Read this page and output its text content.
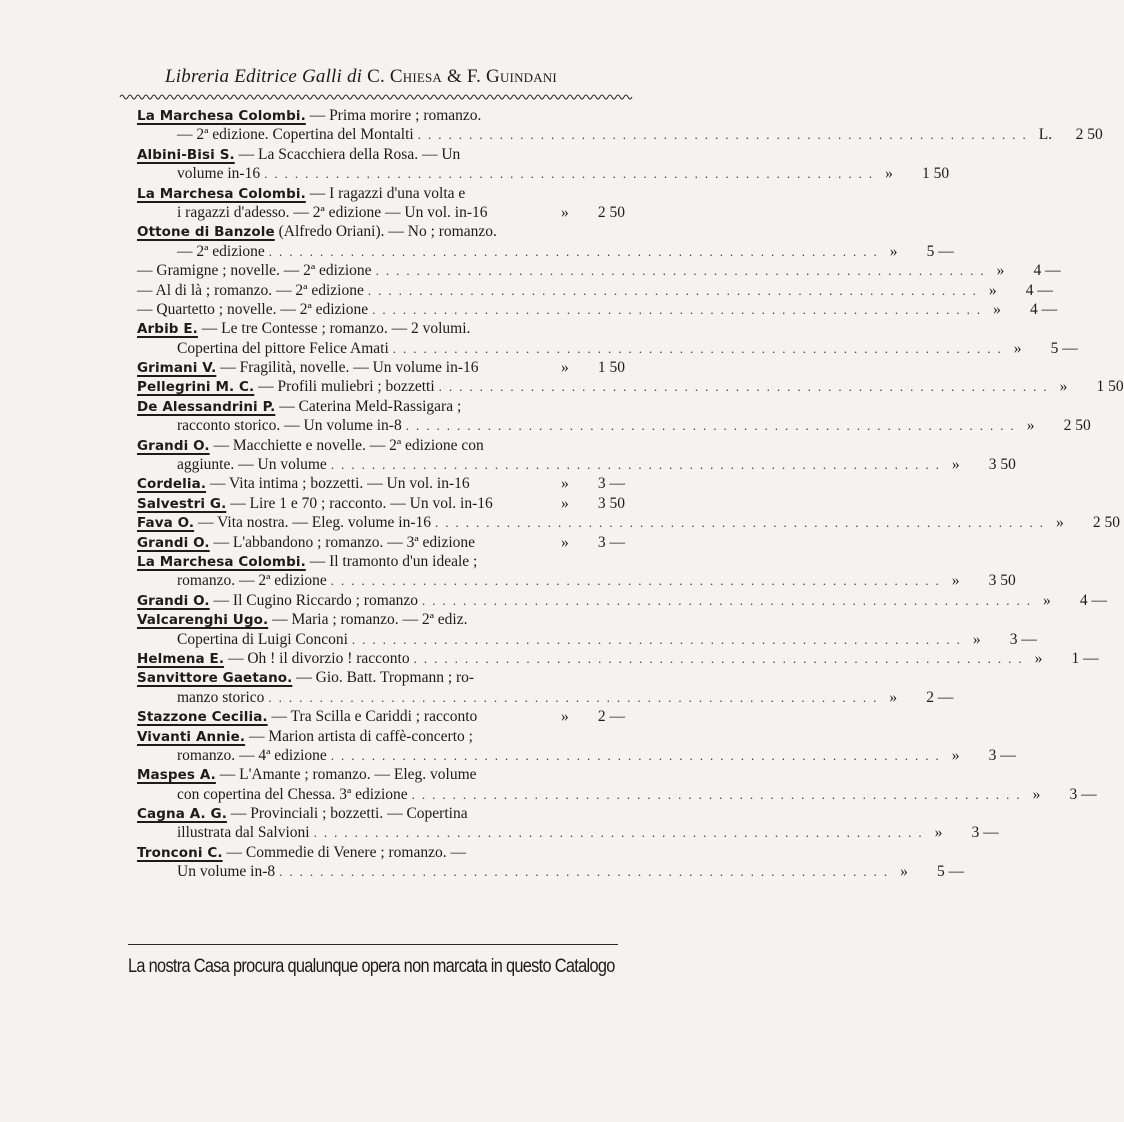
Libreria Editrice Galli di C. Chiesa & F. Guindani
La Marchesa Colombi. — Prima morire ; romanzo.
— 2ª edizione. Copertina del Montalti ............................................................ L.	2 50
Albini-Bisi S. — La Scacchiera della Rosa. — Un
volume in-16 ............................................................ »	1 50
La Marchesa Colombi. — I ragazzi d'una volta e
i ragazzi d'adesso. — 2ª edizione — Un vol. in-16	»	2 50
Ottone di Banzole (Alfredo Oriani). — No ; romanzo.
— 2ª edizione ............................................................ »	5 —
— Gramigne ; novelle. — 2ª edizione ............................................................ »	4 —
— Al di là ; romanzo. — 2ª edizione ............................................................ »	4 —
— Quartetto ; novelle. — 2ª edizione ............................................................ »	4 —
Arbib E. — Le tre Contesse ; romanzo. — 2 volumi.
Copertina del pittore Felice Amati ............................................................ »	5 —
Grimani V. — Fragilità, novelle. — Un volume in-16	»	1 50
Pellegrini M. C. — Profili muliebri ; bozzetti ............................................................ »	1 50
De Alessandrini P. — Caterina Meld-Rassigara ;
racconto storico. — Un volume in-8 ............................................................ »	2 50
Grandi O. — Macchiette e novelle. — 2ª edizione con
aggiunte. — Un volume ............................................................ »	3 50
Cordelia. — Vita intima ; bozzetti. — Un vol. in-16	»	3 —
Salvestri G. — Lire 1 e 70 ; racconto. — Un vol. in-16	»	3 50
Fava O. — Vita nostra. — Eleg. volume in-16 ............................................................ »	2 50
Grandi O. — L'abbandono ; romanzo. — 3ª edizione	»	3 —
La Marchesa Colombi. — Il tramonto d'un ideale ;
romanzo. — 2ª edizione ............................................................ »	3 50
Grandi O. — Il Cugino Riccardo ; romanzo ............................................................ »	4 —
Valcarenghi Ugo. — Maria ; romanzo. — 2ª ediz.
Copertina di Luigi Conconi ............................................................ »	3 —
Helmena E. — Oh ! il divorzio ! racconto ............................................................ »	1 —
Sanvittore Gaetano. — Gio. Batt. Tropmann ; ro-
manzo storico ............................................................ »	2 —
Stazzone Cecilia. — Tra Scilla e Cariddi ; racconto	»	2 —
Vivanti Annie. — Marion artista di caffè-concerto ;
romanzo. — 4ª edizione ............................................................ »	3 —
Maspes A. — L'Amante ; romanzo. — Eleg. volume
con copertina del Chessa. 3ª edizione ............................................................ »	3 —
Cagna A. G. — Provinciali ; bozzetti. — Copertina
illustrata dal Salvioni ............................................................ »	3 —
Tronconi C. — Commedie di Venere ; romanzo. —
Un volume in-8 ............................................................ »	5 —
La nostra Casa procura qualunque opera non marcata in questo Catalogo
